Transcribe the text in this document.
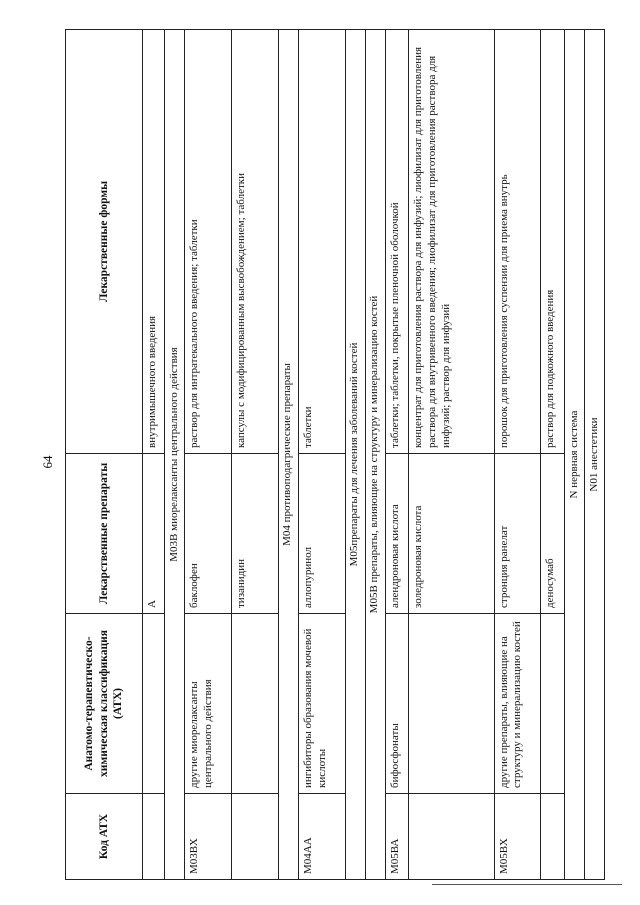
64
Код АТХ	Анатомо-терапевтическо-химическая классификация (АТХ)	Лекарственные препараты	Лекарственные формы
		А	внутримышечного введения
М03В миорелаксанты центрального действия			
М03ВХ	другие миорелаксанты центрального действия	баклофен	раствор для интратекального введения; таблетки
		тизанидин	капсулы с модифицированным высвобождением; таблетки
М04 противоподагрические препараты			
М04АА	ингибиторы образования мочевой кислоты	аллопуринол	таблетки
М05препараты для лечения заболеваний костей			
М05В препараты, влияющие на структуру и минерализацию костей			
М05ВА	бифосфонаты	алендроновая кислота	таблетки; таблетки, покрытые пленочной оболочкой
		золедроновая кислота	концентрат для приготовления раствора для инфузий; лиофилизат для приготовления раствора для внутривенного введения; лиофилизат для приготовления раствора для инфузий; раствор для инфузий
М05ВХ	другие препараты, влияющие на структуру и минерализацию костей	стронция ранелат	порошок для приготовления суспензии для приема внутрь
		деносумаб	раствор для подкожного введения
N нервная система			
N01 анестетики			
